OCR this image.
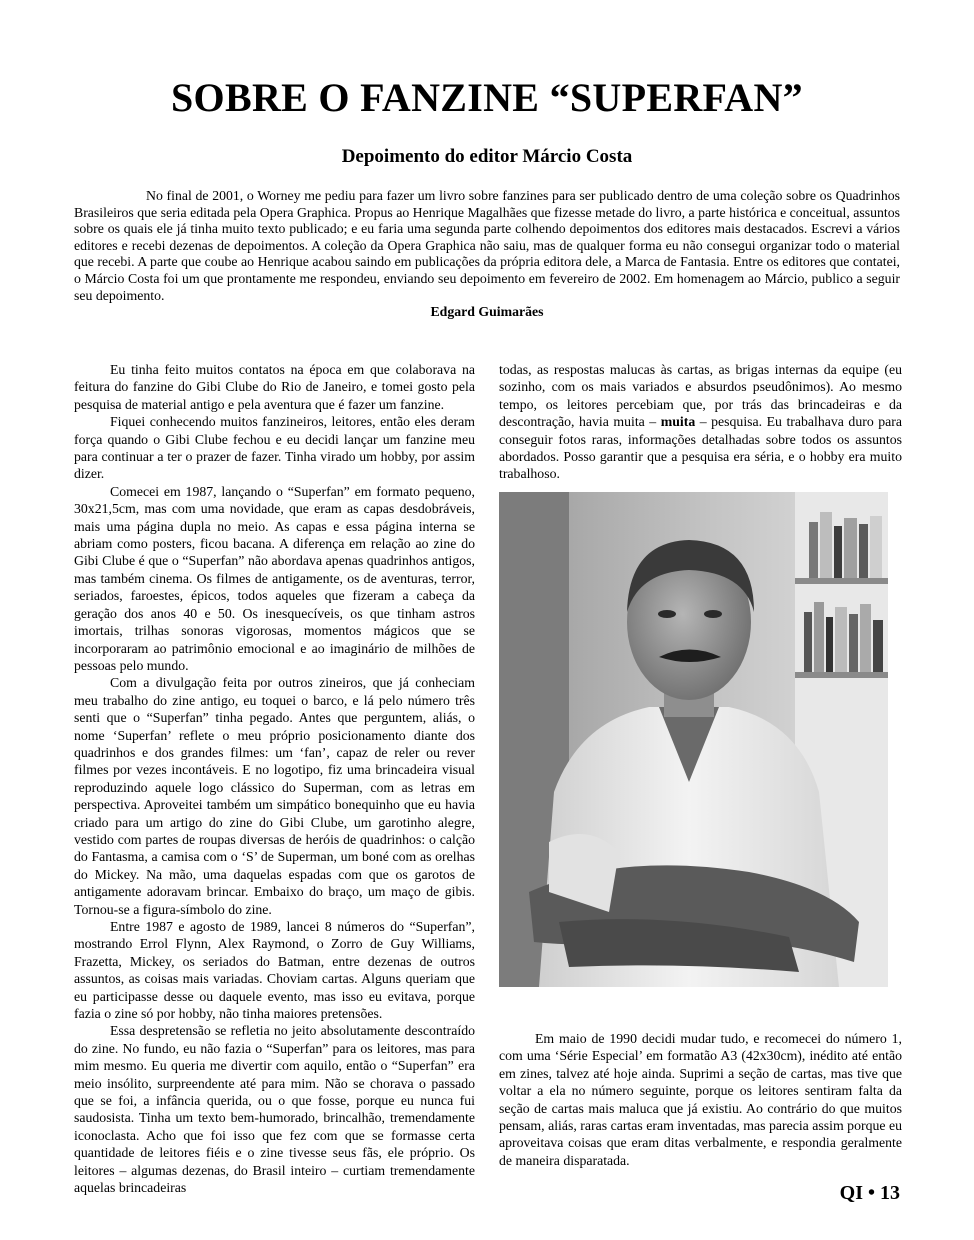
SOBRE O FANZINE “SUPERFAN”
Depoimento do editor Márcio Costa

No final de 2001, o Worney me pediu para fazer um livro sobre fanzines para ser publicado dentro de uma coleção sobre os Quadrinhos Brasileiros que seria editada pela Opera Graphica. Propus ao Henrique Magalhães que fizesse metade do livro, a parte histórica e conceitual, assuntos sobre os quais ele já tinha muito texto publicado; e eu faria uma segunda parte colhendo depoimentos dos editores mais destacados. Escrevi a vários editores e recebi dezenas de depoimentos. A coleção da Opera Graphica não saiu, mas de qualquer forma eu não consegui organizar todo o material que recebi. A parte que coube ao Henrique acabou saindo em publicações da própria editora dele, a Marca de Fantasia. Entre os editores que contatei, o Márcio Costa foi um que prontamente me respondeu, enviando seu depoimento em fevereiro de 2002. Em homenagem ao Márcio, publico a seguir seu depoimento.

Edgard Guimarães

Eu tinha feito muitos contatos na época em que colaborava na feitura do fanzine do Gibi Clube do Rio de Janeiro, e tomei gosto pela pesquisa de material antigo e pela aventura que é fazer um fanzine.

Fiquei conhecendo muitos fanzineiros, leitores, então eles deram força quando o Gibi Clube fechou e eu decidi lançar um fanzine meu para continuar a ter o prazer de fazer. Tinha virado um hobby, por assim dizer.

Comecei em 1987, lançando o “Superfan” em formato pequeno, 30x21,5cm, mas com uma novidade, que eram as capas desdobráveis, mais uma página dupla no meio. As capas e essa página interna se abriam como posters, ficou bacana. A diferença em relação ao zine do Gibi Clube é que o “Superfan” não abordava apenas quadrinhos antigos, mas também cinema. Os filmes de antigamente, os de aventuras, terror, seriados, faroestes, épicos, todos aqueles que fizeram a cabeça da geração dos anos 40 e 50. Os inesquecíveis, os que tinham astros imortais, trilhas sonoras vigorosas, momentos mágicos que se incorporaram ao patrimônio emocional e ao imaginário de milhões de pessoas pelo mundo.

Com a divulgação feita por outros zineiros, que já conheciam meu trabalho do zine antigo, eu toquei o barco, e lá pelo número três senti que o “Superfan” tinha pegado. Antes que perguntem, aliás, o nome ‘Superfan’ reflete o meu próprio posicionamento diante dos quadrinhos e dos grandes filmes: um ‘fan’, capaz de reler ou rever filmes por vezes incontáveis. E no logotipo, fiz uma brincadeira visual reproduzindo aquele logo clássico do Superman, com as letras em perspectiva. Aproveitei também um simpático bonequinho que eu havia criado para um artigo do zine do Gibi Clube, um garotinho alegre, vestido com partes de roupas diversas de heróis de quadrinhos: o calção do Fantasma, a camisa com o ‘S’ de Superman, um boné com as orelhas do Mickey. Na mão, uma daquelas espadas com que os garotos de antigamente adoravam brincar. Embaixo do braço, um maço de gibis. Tornou-se a figura-símbolo do zine.

Entre 1987 e agosto de 1989, lancei 8 números do “Superfan”, mostrando Errol Flynn, Alex Raymond, o Zorro de Guy Williams, Frazetta, Mickey, os seriados do Batman, entre dezenas de outros assuntos, as coisas mais variadas. Choviam cartas. Alguns queriam que eu participasse desse ou daquele evento, mas isso eu evitava, porque fazia o zine só por hobby, não tinha maiores pretensões.

Essa despretensão se refletia no jeito absolutamente descontraído do zine. No fundo, eu não fazia o “Superfan” para os leitores, mas para mim mesmo. Eu queria me divertir com aquilo, então o “Superfan” era meio insólito, surpreendente até para mim. Não se chorava o passado que se foi, a infância querida, ou o que fosse, porque eu nunca fui saudosista. Tinha um texto bem-humorado, brincalhão, tremendamente iconoclasta. Acho que foi isso que fez com que se formasse certa quantidade de leitores fiéis e o zine tivesse seus fãs, ele próprio. Os leitores – algumas dezenas, do Brasil inteiro – curtiam tremendamente aquelas brincadeiras

todas, as respostas malucas às cartas, as brigas internas da equipe (eu sozinho, com os mais variados e absurdos pseudônimos). Ao mesmo tempo, os leitores percebiam que, por trás das brincadeiras e da descontração, havia muita – muita – pesquisa. Eu trabalhava duro para conseguir fotos raras, informações detalhadas sobre todos os assuntos abordados. Posso garantir que a pesquisa era séria, e o hobby era muito trabalhoso.

Em maio de 1990 decidi mudar tudo, e recomecei do número 1, com uma ‘Série Especial’ em formatão A3 (42x30cm), inédito até então em zines, talvez até hoje ainda. Suprimi a seção de cartas, mas tive que voltar a ela no número seguinte, porque os leitores sentiram falta da seção de cartas mais maluca que já existiu. Ao contrário do que muitos pensam, aliás, raras cartas eram inventadas, mas parecia assim porque eu aproveitava coisas que eram ditas verbalmente, e respondia geralmente de maneira disparatada.

QI • 13
